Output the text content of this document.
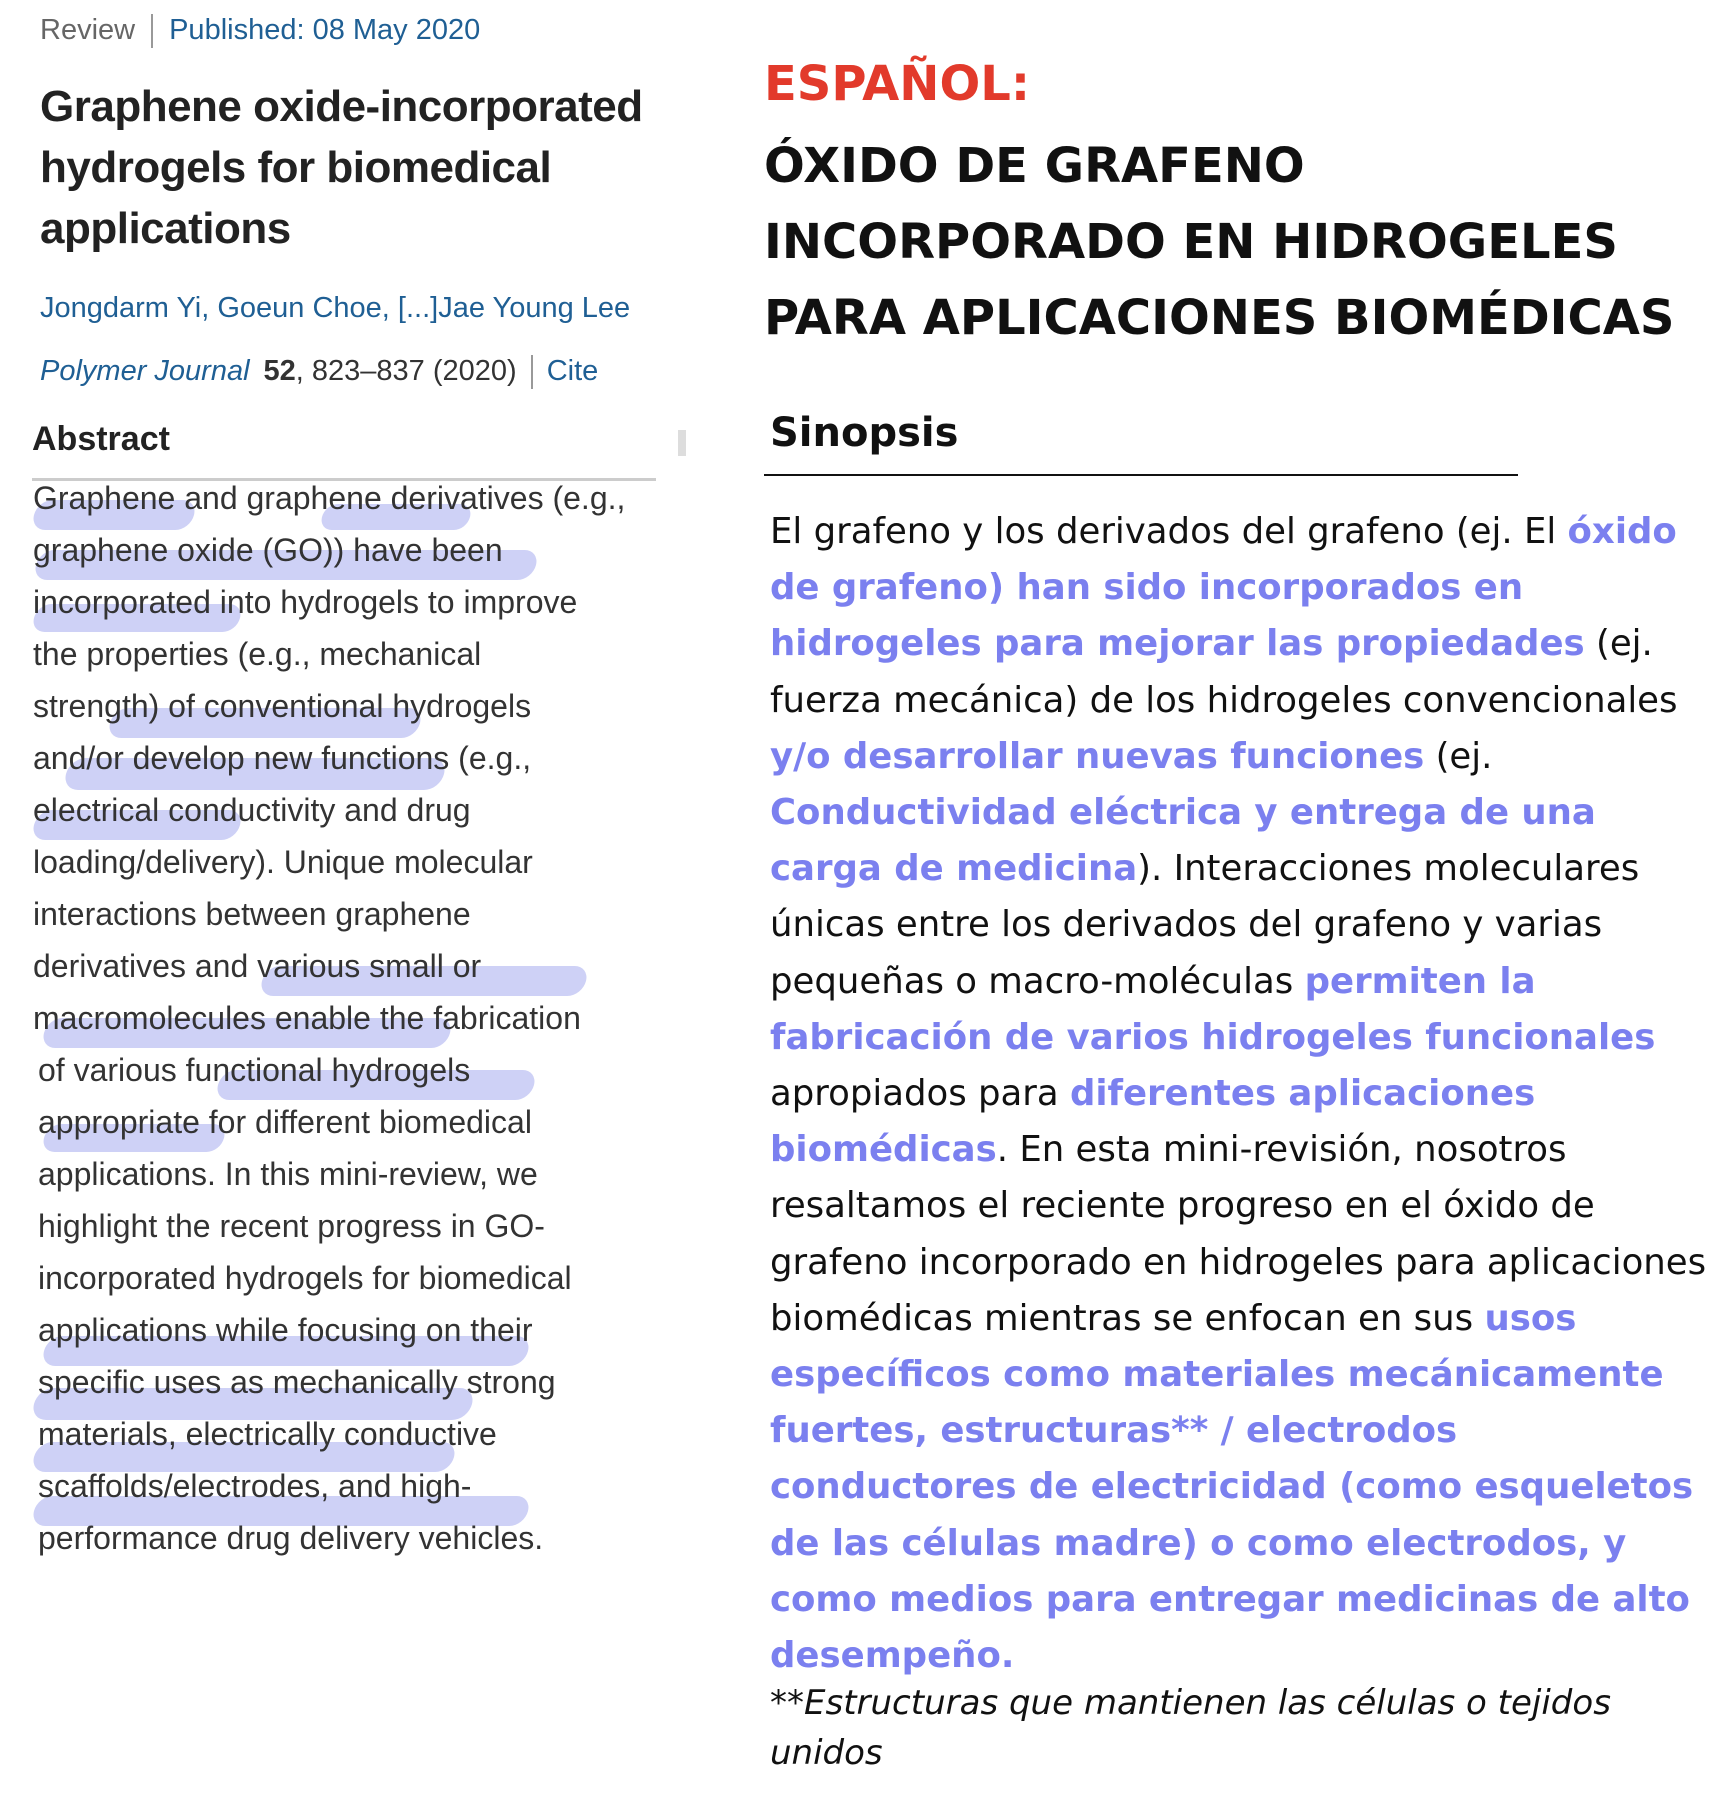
Review Published: 08 May 2020
Graphene oxide-incorporated hydrogels for biomedical applications
Jongdarm Yi, Goeun Choe, [...]Jae Young Lee
Polymer Journal 52, 823–837 (2020) Cite
Abstract
Graphene and graphene derivatives (e.g.,
graphene oxide (GO)) have been
incorporated into hydrogels to improve
the properties (e.g., mechanical
strength) of conventional hydrogels
and/or develop new functions (e.g.,
electrical conductivity and drug
loading/delivery). Unique molecular
interactions between graphene
derivatives and various small or
macromolecules enable the fabrication
of various functional hydrogels
appropriate for different biomedical
applications. In this mini-review, we
highlight the recent progress in GO-
incorporated hydrogels for biomedical
applications while focusing on their
specific uses as mechanically strong
materials, electrically conductive
scaffolds/electrodes, and high-
performance drug delivery vehicles.
ESPAÑOL:
ÓXIDO DE GRAFENO INCORPORADO EN HIDROGELES PARA APLICACIONES BIOMÉDICAS
Sinopsis
El grafeno y los derivados del grafeno (ej. El óxido de grafeno) han sido incorporados en hidrogeles para mejorar las propiedades (ej. fuerza mecánica) de los hidrogeles convencionales y/o desarrollar nuevas funciones (ej. Conductividad eléctrica y entrega de una carga de medicina). Interacciones moleculares únicas entre los derivados del grafeno y varias pequeñas o macro-moléculas permiten la fabricación de varios hidrogeles funcionales apropiados para diferentes aplicaciones biomédicas. En esta mini-revisión, nosotros resaltamos el reciente progreso en el óxido de grafeno incorporado en hidrogeles para aplicaciones biomédicas mientras se enfocan en sus usos específicos como materiales mecánicamente fuertes, estructuras** / electrodos conductores de electricidad (como esqueletos de las células madre) o como electrodos, y como medios para entregar medicinas de alto desempeño.
**Estructuras que mantienen las células o tejidos unidos
